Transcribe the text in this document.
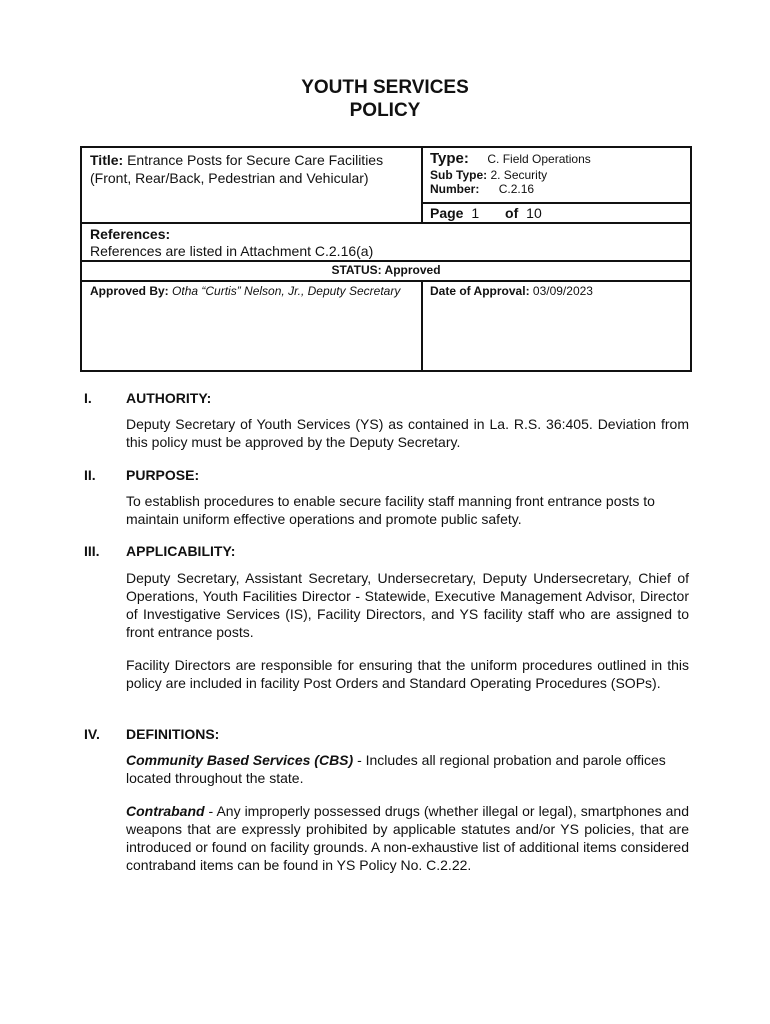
YOUTH SERVICES
POLICY
Title: Entrance Posts for Secure Care Facilities
(Front, Rear/Back, Pedestrian and Vehicular)
Type: C. Field Operations
Sub Type: 2. Security
Number: C.2.16
Page 1 of 10
References:
References are listed in Attachment C.2.16(a)
STATUS: Approved
Approved By: Otha “Curtis” Nelson, Jr., Deputy Secretary Date of Approval: 03/09/2023
I. AUTHORITY:
Deputy Secretary of Youth Services (YS) as contained in La. R.S. 36:405. Deviation from this policy must be approved by the Deputy Secretary.
II. PURPOSE:
To establish procedures to enable secure facility staff manning front entrance posts to maintain uniform effective operations and promote public safety.
III. APPLICABILITY:
Deputy Secretary, Assistant Secretary, Undersecretary, Deputy Undersecretary, Chief of Operations, Youth Facilities Director - Statewide, Executive Management Advisor, Director of Investigative Services (IS), Facility Directors, and YS facility staff who are assigned to front entrance posts.
Facility Directors are responsible for ensuring that the uniform procedures outlined in this policy are included in facility Post Orders and Standard Operating Procedures (SOPs).
IV. DEFINITIONS:
Community Based Services (CBS) - Includes all regional probation and parole offices located throughout the state.
Contraband - Any improperly possessed drugs (whether illegal or legal), smartphones and weapons that are expressly prohibited by applicable statutes and/or YS policies, that are introduced or found on facility grounds. A non-exhaustive list of additional items considered contraband items can be found in YS Policy No. C.2.22.
